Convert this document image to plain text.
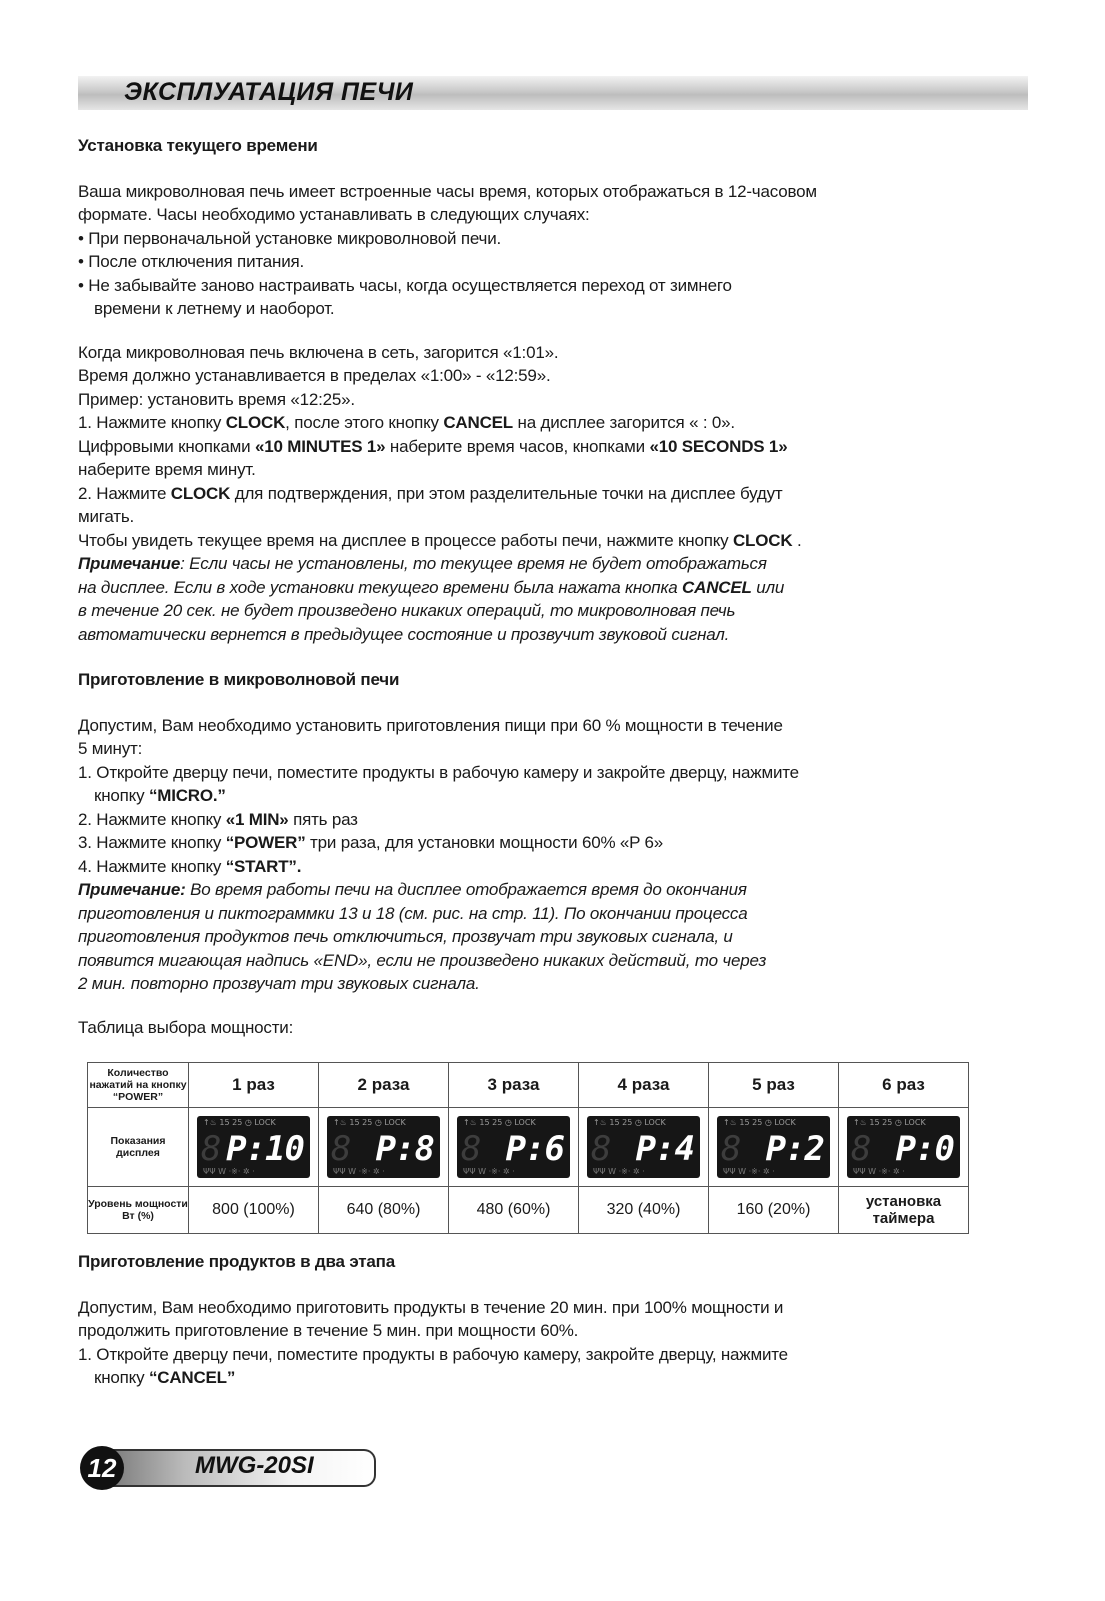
ЭКСПЛУАТАЦИЯ ПЕЧИ

Установка текущего времени

Ваша микроволновая печь имеет встроенные часы время, которых отображаться в 12-часовом

формате. Часы необходимо устанавливать в следующих случаях:

• При первоначальной установке микроволновой печи.

• После отключения питания.

• Не забывайте заново настраивать часы, когда осуществляется переход от зимнего

времени к летнему и наоборот.

Когда микроволновая печь включена в сеть, загорится «1:01».

Время должно устанавливается в пределах «1:00» - «12:59».

Пример: установить время «12:25».

1. Нажмите кнопку CLOCK, после этого кнопку CANCEL на дисплее загорится « : 0».

Цифровыми кнопками «10 MINUTES 1» наберите время часов, кнопками «10 SECONDS 1»

наберите время минут.

2. Нажмите CLOCK для подтверждения, при этом разделительные точки на дисплее будут

мигать.

Чтобы увидеть текущее время на дисплее в процессе работы печи, нажмите кнопку CLOCK .

Примечание: Если часы не установлены, то текущее время не будет отображаться

на дисплее. Если в ходе установки текущего времени была нажата кнопка CANCEL или

в течение 20 сек. не будет произведено никаких операций, то микроволновая печь

автоматически вернется в предыдущее состояние и прозвучит звуковой сигнал.

Приготовление в микроволновой печи

Допустим, Вам необходимо установить приготовления пищи при 60 % мощности в течение

5 минут:

1. Откройте дверцу печи, поместите продукты в рабочую камеру и закройте дверцу, нажмите

кнопку “MICRO.”

2. Нажмите кнопку «1 MIN» пять раз

3. Нажмите кнопку “POWER” три раза, для установки мощности 60% «P 6»

4. Нажмите кнопку “START”.

Примечание: Во время работы печи на дисплее отображается время до окончания

приготовления и пиктограммки 13 и 18 (см. рис. на стр. 11). По окончании процесса

приготовления продуктов печь отключиться, прозвучат три звуковых сигнала, и

появится мигающая надпись «END», если не произведено никаких действий, то через

2 мин. повторно прозвучат три звуковых сигнала.

Таблица выбора мощности:

Количество нажатий на кнопку “POWER”	1 раз	2 раза	3 раза	4 раза	5 раз	6 раз
Показания дисплея	↑♨ 15 25 ◷ LOCK
8 P:10
ΨΨ W ·※· ✲ ·	↑♨ 15 25 ◷ LOCK
8 P:8
ΨΨ W ·※· ✲ ·	↑♨ 15 25 ◷ LOCK
8 P:6
ΨΨ W ·※· ✲ ·	↑♨ 15 25 ◷ LOCK
8 P:4
ΨΨ W ·※· ✲ ·	↑♨ 15 25 ◷ LOCK
8 P:2
ΨΨ W ·※· ✲ ·	↑♨ 15 25 ◷ LOCK
8 P:0
ΨΨ W ·※· ✲ ·

Уровень мощности Вт (%)	800 (100%)	640 (80%)	480 (60%)	320 (40%)	160 (20%)	установка таймера

Приготовление продуктов в два этапа

Допустим, Вам необходимо приготовить продукты в течение 20 мин. при 100% мощности и

продолжить приготовление в течение 5 мин. при мощности 60%.

1. Откройте дверцу печи, поместите продукты в рабочую камеру, закройте дверцу, нажмите

кнопку “CANCEL”

12	MWG-20SI
